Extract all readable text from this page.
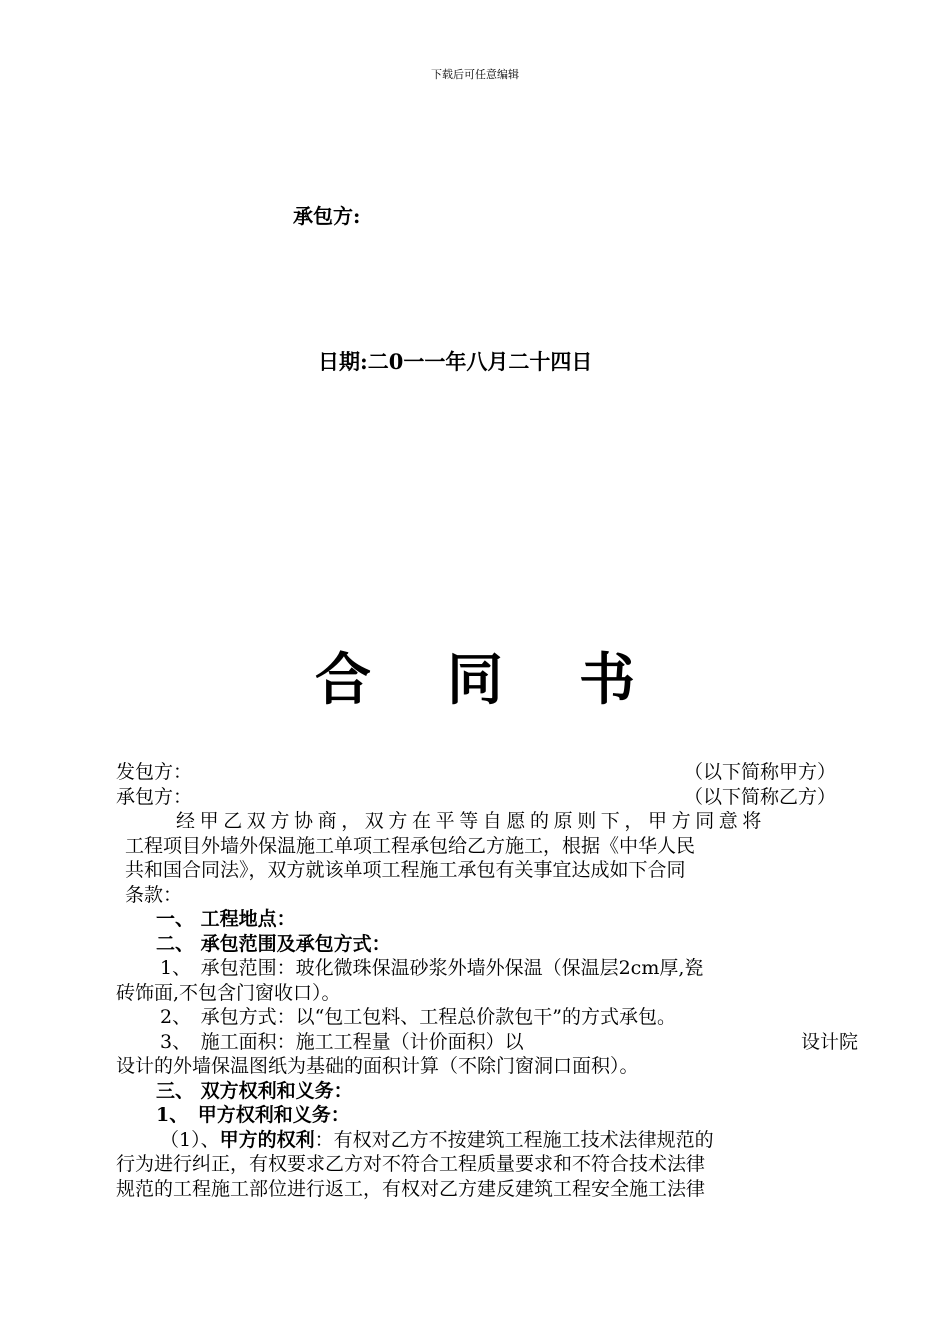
下载后可任意编辑
承包方:
日期:二0一一年八月二十四日
合 同 书
发包方：	（以下简称甲方）
承包方：	（以下简称乙方）
经甲乙双方协商，双方在平等自愿的原则下，甲方同意将
工程项目外墙外保温施工单项工程承包给乙方施工，根据《中华人民
共和国合同法》，双方就该单项工程施工承包有关事宜达成如下合同
条款：
一、 工程地点：
二、 承包范围及承包方式：
1、　承包范围：玻化微珠保温砂浆外墙外保温（保温层2cm厚,瓷
砖饰面,不包含门窗收口）。
2、　承包方式：以“包工包料、工程总价款包干”的方式承包。
3、　施工面积：施工工程量（计价面积）以	设计院
设计的外墙保温图纸为基础的面积计算（不除门窗洞口面积）。
三、 双方权利和义务：
1、　甲方权利和义务：
（1）、甲方的权利：有权对乙方不按建筑工程施工技术法律规范的
行为进行纠正，有权要求乙方对不符合工程质量要求和不符合技术法律
规范的工程施工部位进行返工，有权对乙方建反建筑工程安全施工法律
